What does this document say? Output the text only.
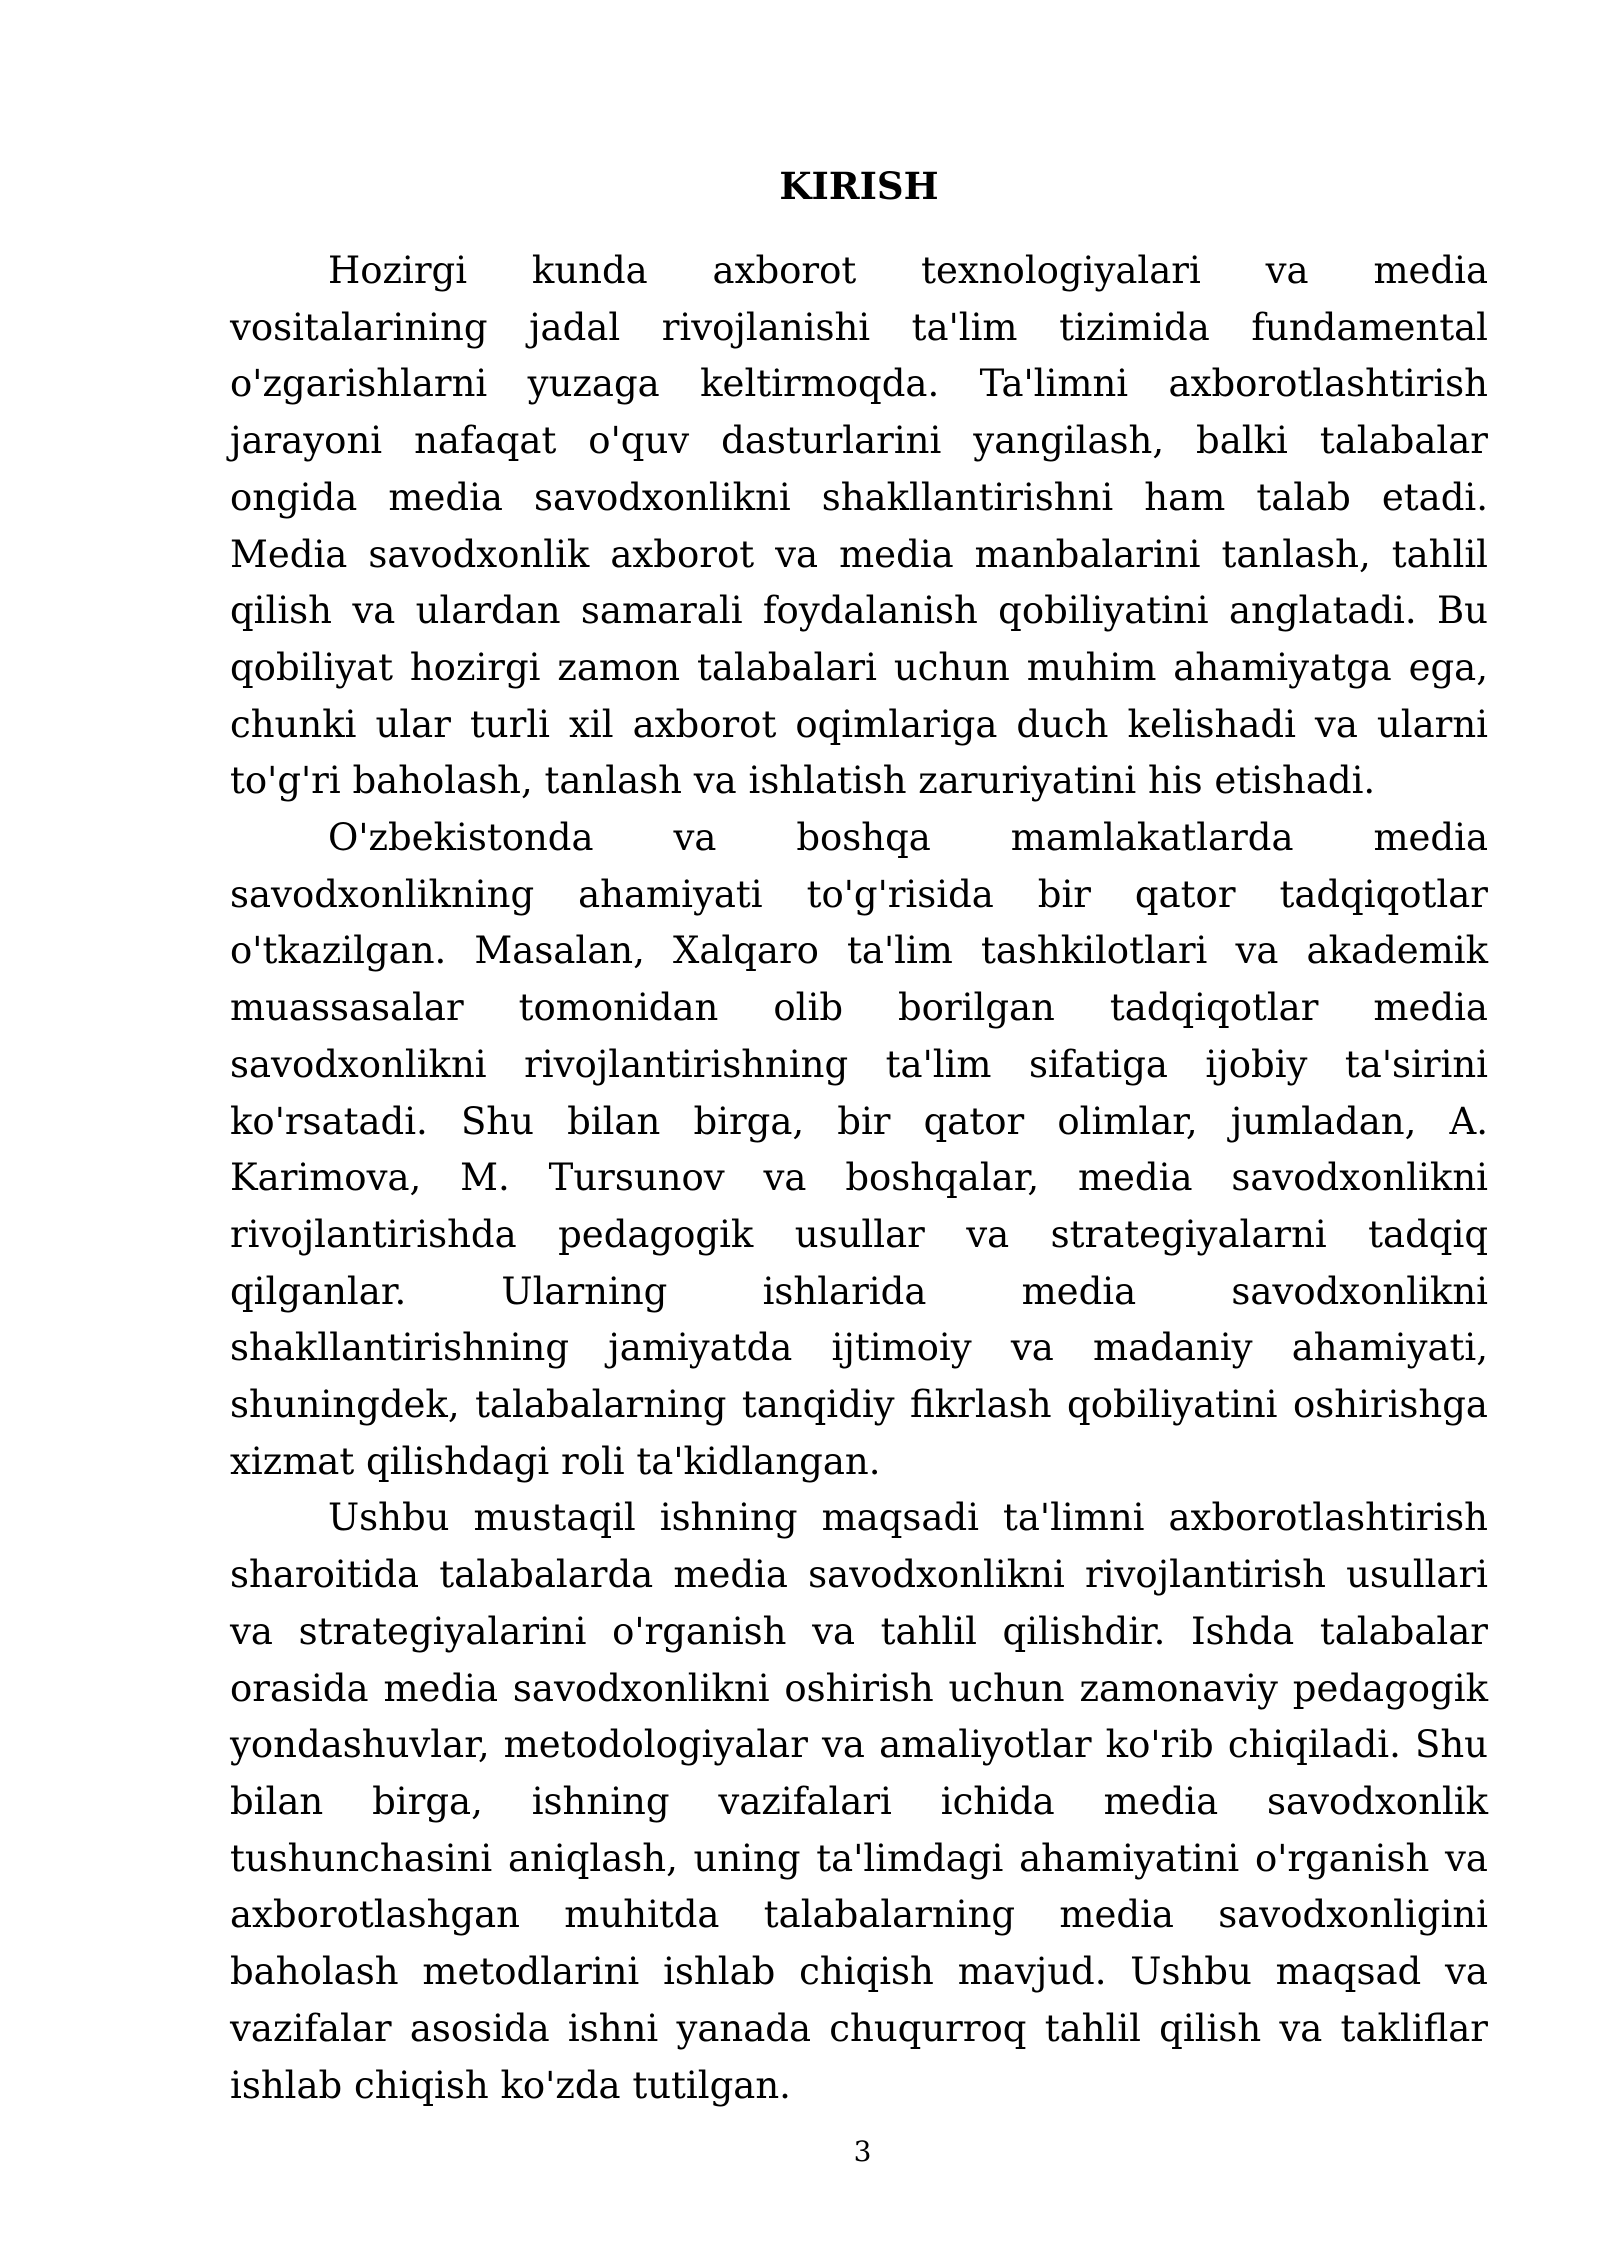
KIRISH

Hozirgi kunda axborot texnologiyalari va media vositalarining jadal rivojlanishi ta'lim tizimida fundamental o'zgarishlarni yuzaga keltirmoqda. Ta'limni axborotlashtirish jarayoni nafaqat o'quv dasturlarini yangilash, balki talabalar ongida media savodxonlikni shakllantirishni ham talab etadi. Media savodxonlik axborot va media manbalarini tanlash, tahlil qilish va ulardan samarali foydalanish qobiliyatini anglatadi. Bu qobiliyat hozirgi zamon talabalari uchun muhim ahamiyatga ega, chunki ular turli xil axborot oqimlariga duch kelishadi va ularni to'g'ri baholash, tanlash va ishlatish zaruriyatini his etishadi.

O'zbekistonda va boshqa mamlakatlarda media savodxonlikning ahamiyati to'g'risida bir qator tadqiqotlar o'tkazilgan. Masalan, Xalqaro ta'lim tashkilotlari va akademik muassasalar tomonidan olib borilgan tadqiqotlar media savodxonlikni rivojlantirishning ta'lim sifatiga ijobiy ta'sirini ko'rsatadi. Shu bilan birga, bir qator olimlar, jumladan, A. Karimova, M. Tursunov va boshqalar, media savodxonlikni rivojlantirishda pedagogik usullar va strategiyalarni tadqiq qilganlar. Ularning ishlarida media savodxonlikni shakllantirishning jamiyatda ijtimoiy va madaniy ahamiyati, shuningdek, talabalarning tanqidiy fikrlash qobiliyatini oshirishga xizmat qilishdagi roli ta'kidlangan.

Ushbu mustaqil ishning maqsadi ta'limni axborotlashtirish sharoitida talabalarda media savodxonlikni rivojlantirish usullari va strategiyalarini o'rganish va tahlil qilishdir. Ishda talabalar orasida media savodxonlikni oshirish uchun zamonaviy pedagogik yondashuvlar, metodologiyalar va amaliyotlar ko'rib chiqiladi. Shu bilan birga, ishning vazifalari ichida media savodxonlik tushunchasini aniqlash, uning ta'limdagi ahamiyatini o'rganish va axborotlashgan muhitda talabalarning media savodxonligini baholash metodlarini ishlab chiqish mavjud. Ushbu maqsad va vazifalar asosida ishni yanada chuqurroq tahlil qilish va takliflar ishlab chiqish ko'zda tutilgan.

3
